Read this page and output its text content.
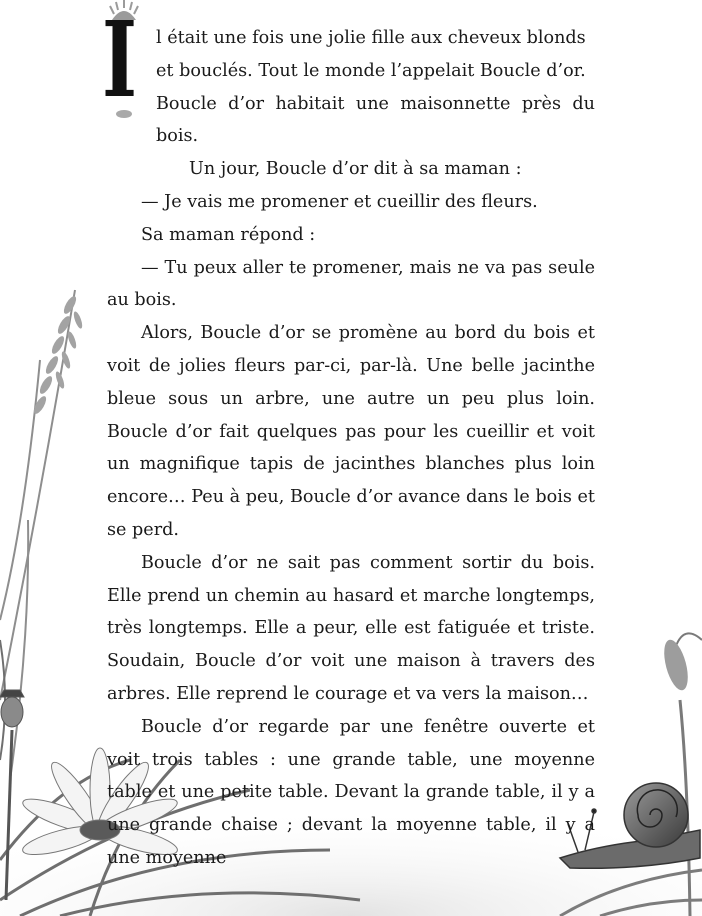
I l était une fois une jolie fille aux cheveux blonds

et bouclés. Tout le monde l’appelait Boucle d’or.

Boucle d’or habitait une maisonnette près du bois.

Un jour, Boucle d’or dit à sa maman :

— Je vais me promener et cueillir des fleurs.

Sa maman répond :

— Tu peux aller te promener, mais ne va pas seule au bois.

Alors, Boucle d’or se promène au bord du bois et voit de jolies fleurs par-ci, par-là. Une belle jacinthe bleue sous un arbre, une autre un peu plus loin. Boucle d’or fait quelques pas pour les cueillir et voit un magnifique tapis de jacinthes blanches plus loin encore… Peu à peu, Boucle d’or avance dans le bois et se perd.

Boucle d’or ne sait pas comment sortir du bois. Elle prend un chemin au hasard et marche longtemps, très longtemps. Elle a peur, elle est fatiguée et triste. Soudain, Boucle d’or voit une maison à travers des arbres. Elle reprend le courage et va vers la maison…

Boucle d’or regarde par une fenêtre ouverte et voit trois tables : une grande table, une moyenne table et une petite table. Devant la grande table, il y a une grande chaise ; devant la moyenne table, il y a une moyenne
